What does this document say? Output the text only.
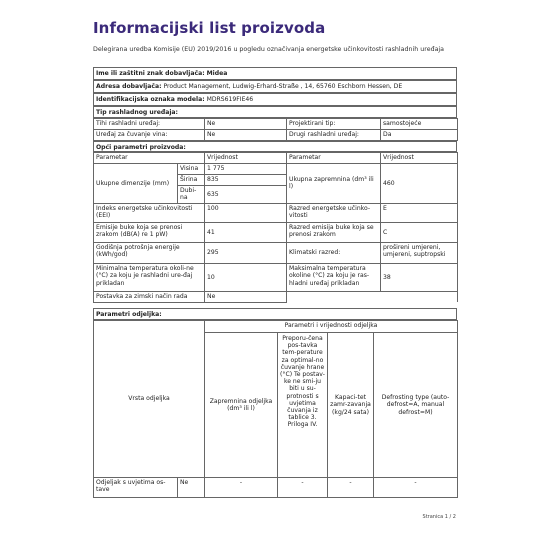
Informacijski list proizvoda
Delegirana uredba Komisije (EU) 2019/2016 u pogledu označivanja energetske učinkovitosti rashladnih uređaja
Ime ili zaštitni znak dobavljača: Midea
Adresa dobavljača: Product Management, Ludwig-Erhard-Straße , 14, 65760 Eschborn Hessen, DE
Identifikacijska oznaka modela: MDRS619FIE46
Tip rashladnog uređaja:
Tihi rashladni uređaj:	Ne	Projektirani tip:	samostojeće
Uređaj za čuvanje vina:	Ne	Drugi rashladni uređaj:	Da
Opći parametri proizvoda:
Parametar		Vrijednost	Parametar	Vrijednost
Ukupne dimenzije (mm)	Visina	1 775	Ukupna zapremnina (dm³ ili l)	460
	Širina	835		
	Dubi-na	635		
Indeks energetske učinkovitosti (EEI)		100	Razred energetske učinko-vitosti	E
Emisije buke koja se prenosi zrakom (dB(A) re 1 pW)		41	Razred emisija buke koja se prenosi zrakom	C
Godišnja potrošnja energije (kWh/god)		295	Klimatski razred:	prošireni umjereni, umjereni, suptropski
Minimalna temperatura okoli-ne (°C) za koju je rashladni ure-đaj prikladan		10	Maksimalna temperatura okoline (°C) za koju je ras-hladni uređaj prikladan	38
Postavka za zimski način rada		Ne		
Parametri odjeljka:
Vrsta odjeljka		Parametri i vrijednosti odjeljka			
		Zapremnina odjeljka (dm³ ili l)	Preporu-čena pos-tavka tem-perature za optimal-no čuvanje hrane (°C) Te postav-ke ne smi-ju biti u su-protnosti s uvjetima čuvanja iz tablice 3. Priloga IV.	Kapaci-tet zamr-zavanja (kg/24 sata)	Defrosting type (auto-defrost=A, manual defrost=M)
Odjeljak s uvjetima os-tave	Ne	-	-	-	-
Stranica 1 / 2
